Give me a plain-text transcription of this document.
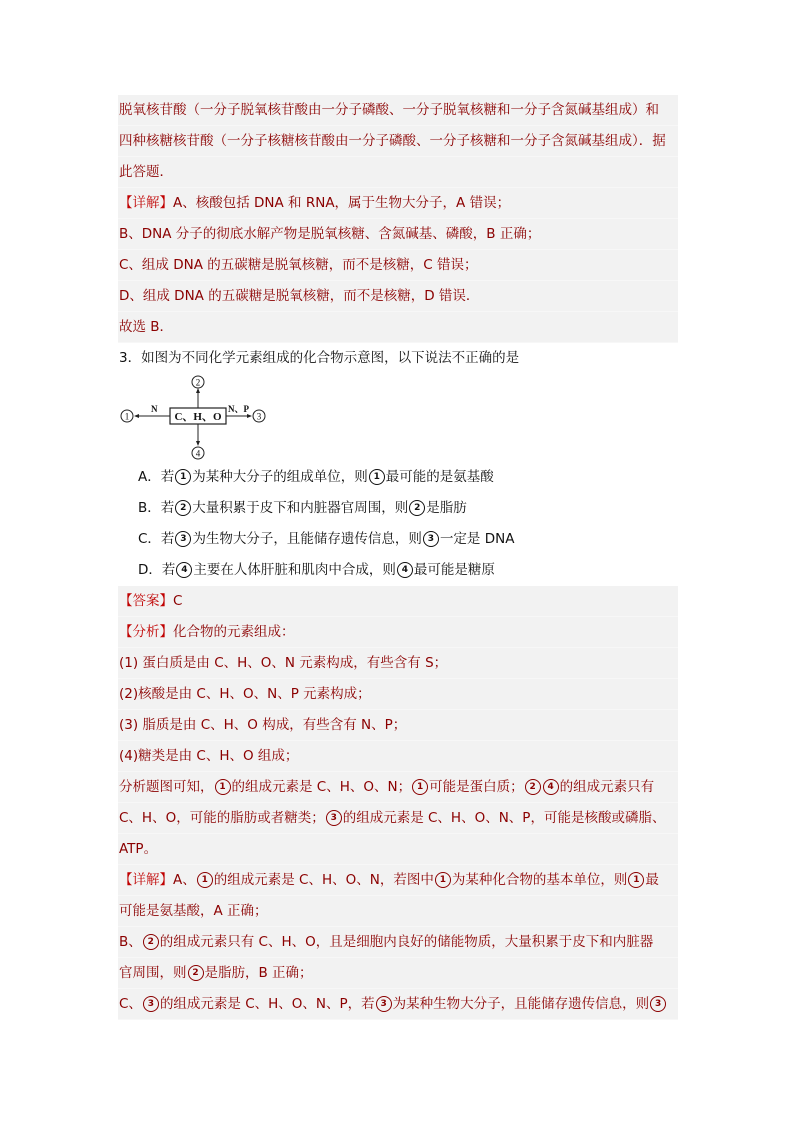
脱氧核苷酸（一分子脱氧核苷酸由一分子磷酸、一分子脱氧核糖和一分子含氮碱基组成）和
四种核糖核苷酸（一分子核糖核苷酸由一分子磷酸、一分子核糖和一分子含氮碱基组成）．据
此答题．
【详解】A、核酸包括 DNA 和 RNA，属于生物大分子，A 错误；
B、DNA 分子的彻底水解产物是脱氧核糖、含氮碱基、磷酸，B 正确；
C、组成 DNA 的五碳糖是脱氧核糖，而不是核糖，C 错误；
D、组成 DNA 的五碳糖是脱氧核糖，而不是核糖，D 错误．
故选 B．
3．如图为不同化学元素组成的化合物示意图，以下说法不正确的是
C、H、O
N
1
2
N、P
3
4
A．若 1 为某种大分子的组成单位，则 1 最可能的是氨基酸
B．若 2 大量积累于皮下和内脏器官周围，则 2 是脂肪
C．若 3 为生物大分子，且能储存遗传信息，则 3 一定是 DNA
D．若 4 主要在人体肝脏和肌肉中合成，则 4 最可能是糖原
【答案】C
【分析】化合物的元素组成：
(1) 蛋白质是由 C、H、O、N 元素构成，有些含有 S；
(2)核酸是由 C、H、O、N、P 元素构成；
(3) 脂质是由 C、H、O 构成，有些含有 N、P；
(4)糖类是由 C、H、O 组成；
分析题图可知， 1 的组成元素是 C、H、O、N； 1 可能是蛋白质； 2 4 的组成元素只有
C、H、O，可能的脂肪或者糖类； 3 的组成元素是 C、H、O、N、P，可能是核酸或磷脂、
ATP。
【详解】A、 1 的组成元素是 C、H、O、N，若图中 1 为某种化合物的基本单位，则 1 最
可能是氨基酸，A 正确；
B、 2 的组成元素只有 C、H、O，且是细胞内良好的储能物质，大量积累于皮下和内脏器
官周围，则 2 是脂肪，B 正确；
C、 3 的组成元素是 C、H、O、N、P，若 3 为某种生物大分子，且能储存遗传信息，则 3
